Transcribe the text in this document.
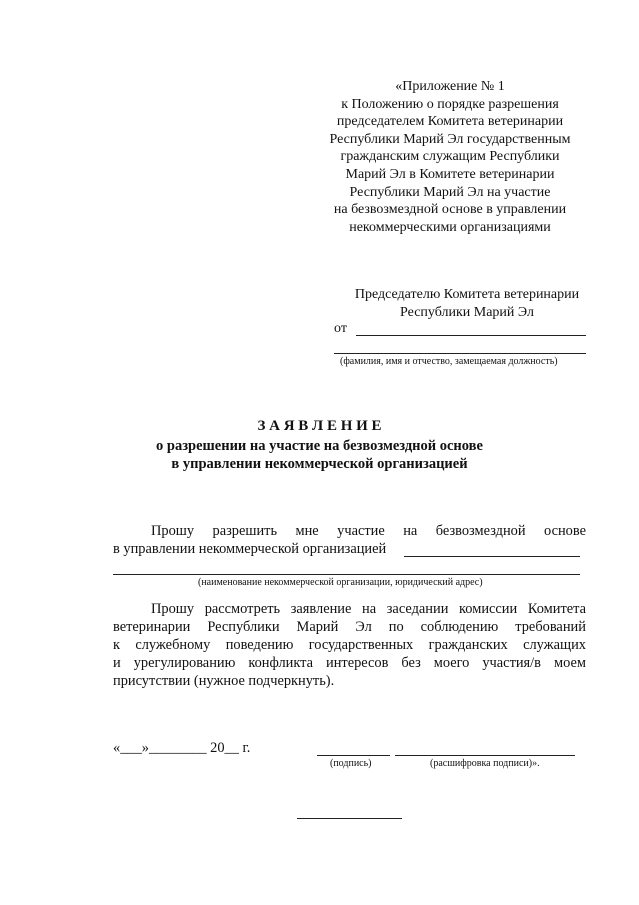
«Приложение № 1
к Положению о порядке разрешения
председателем Комитета ветеринарии
Республики Марий Эл государственным
гражданским служащим Республики
Марий Эл в Комитете ветеринарии
Республики Марий Эл на участие
на безвозмездной основе в управлении
некоммерческими организациями
Председателю Комитета ветеринарии
Республики Марий Эл
от
(фамилия, имя и отчество, замещаемая должность)
З А Я В Л Е Н И Е
о разрешении на участие на безвозмездной основе
в управлении некоммерческой организацией
Прошу разрешить мне участие на безвозмездной основе
в управлении некоммерческой организацией
(наименование некоммерческой организации, юридический адрес)
Прошу рассмотреть заявление на заседании комиссии Комитета
ветеринарии Республики Марий Эл по соблюдению требований
к служебному поведению государственных гражданских служащих
и урегулированию конфликта интересов без моего участия/в моем
присутствии (нужное подчеркнуть).
«___»________ 20__ г.
(подпись)	(расшифровка подписи)».
